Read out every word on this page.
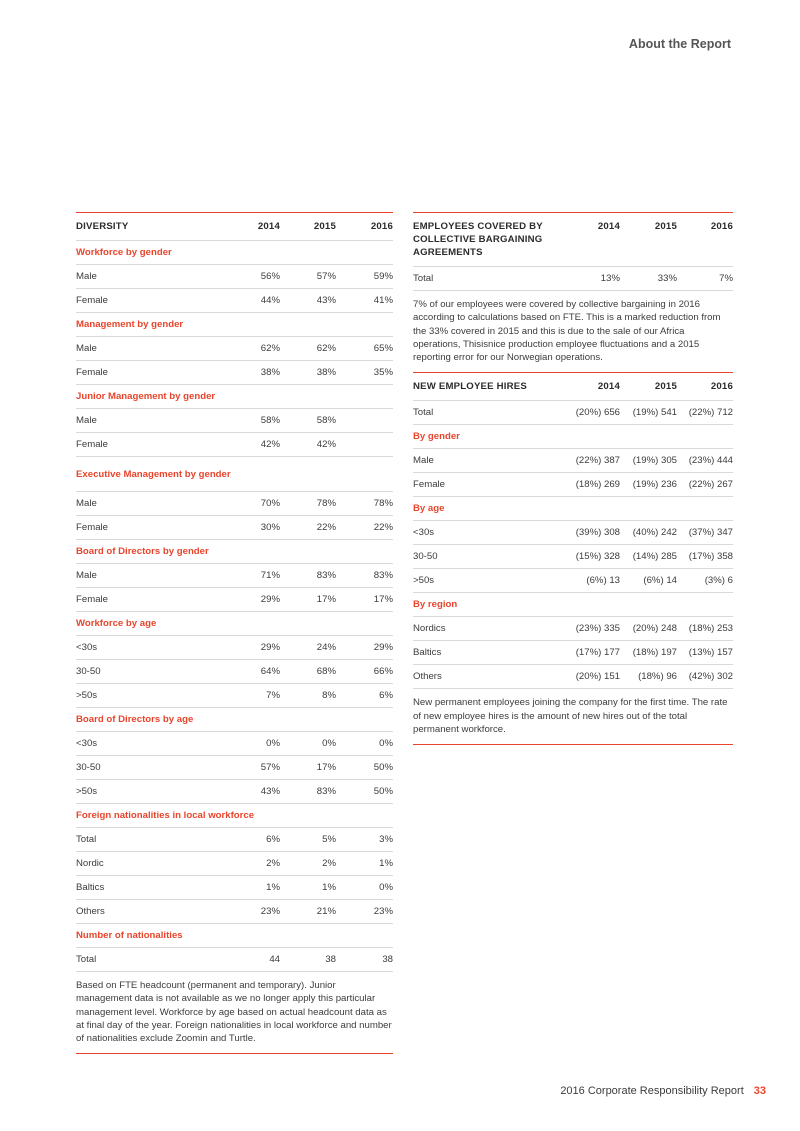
About the Report
DIVERSITY	2014	2015	2016
Workforce by gender			
Male	56%	57%	59%
Female	44%	43%	41%
Management by gender			
Male	62%	62%	65%
Female	38%	38%	35%
Junior Management by gender			
Male	58%	58%	
Female	42%	42%	
Executive Management by gender			
Male	70%	78%	78%
Female	30%	22%	22%
Board of Directors by gender			
Male	71%	83%	83%
Female	29%	17%	17%
Workforce by age			
<30s	29%	24%	29%
30-50	64%	68%	66%
>50s	7%	8%	6%
Board of Directors by age			
<30s	0%	0%	0%
30-50	57%	17%	50%
>50s	43%	83%	50%
Foreign nationalities in local workforce			
Total	6%	5%	3%
Nordic	2%	2%	1%
Baltics	1%	1%	0%
Others	23%	21%	23%
Number of nationalities			
Total	44	38	38
Based on FTE headcount (permanent and temporary). Junior management data is not available as we no longer apply this particular management level. Workforce by age based on actual headcount data as at final day of the year. Foreign nationalities in local workforce and number of nationalities exclude Zoomin and Turtle.
EMPLOYEES COVERED BY COLLECTIVE BARGAINING AGREEMENTS	2014	2015	2016
Total	13%	33%	7%
7% of our employees were covered by collective bargaining in 2016 according to calculations based on FTE. This is a marked reduction from the 33% covered in 2015 and this is due to the sale of our Africa operations, Thisisnice production employee fluctuations and a 2015 reporting error for our Norwegian operations.
NEW EMPLOYEE HIRES	2014	2015	2016
Total	(20%) 656	(19%) 541	(22%) 712
By gender			
Male	(22%) 387	(19%) 305	(23%) 444
Female	(18%) 269	(19%) 236	(22%) 267
By age			
<30s	(39%) 308	(40%) 242	(37%) 347
30-50	(15%) 328	(14%) 285	(17%) 358
>50s	(6%) 13	(6%) 14	(3%) 6
By region			
Nordics	(23%) 335	(20%) 248	(18%) 253
Baltics	(17%) 177	(18%) 197	(13%) 157
Others	(20%) 151	(18%) 96	(42%) 302
New permanent employees joining the company for the first time. The rate of new employee hires is the amount of new hires out of the total permanent workforce.
2016 Corporate Responsibility Report 33
